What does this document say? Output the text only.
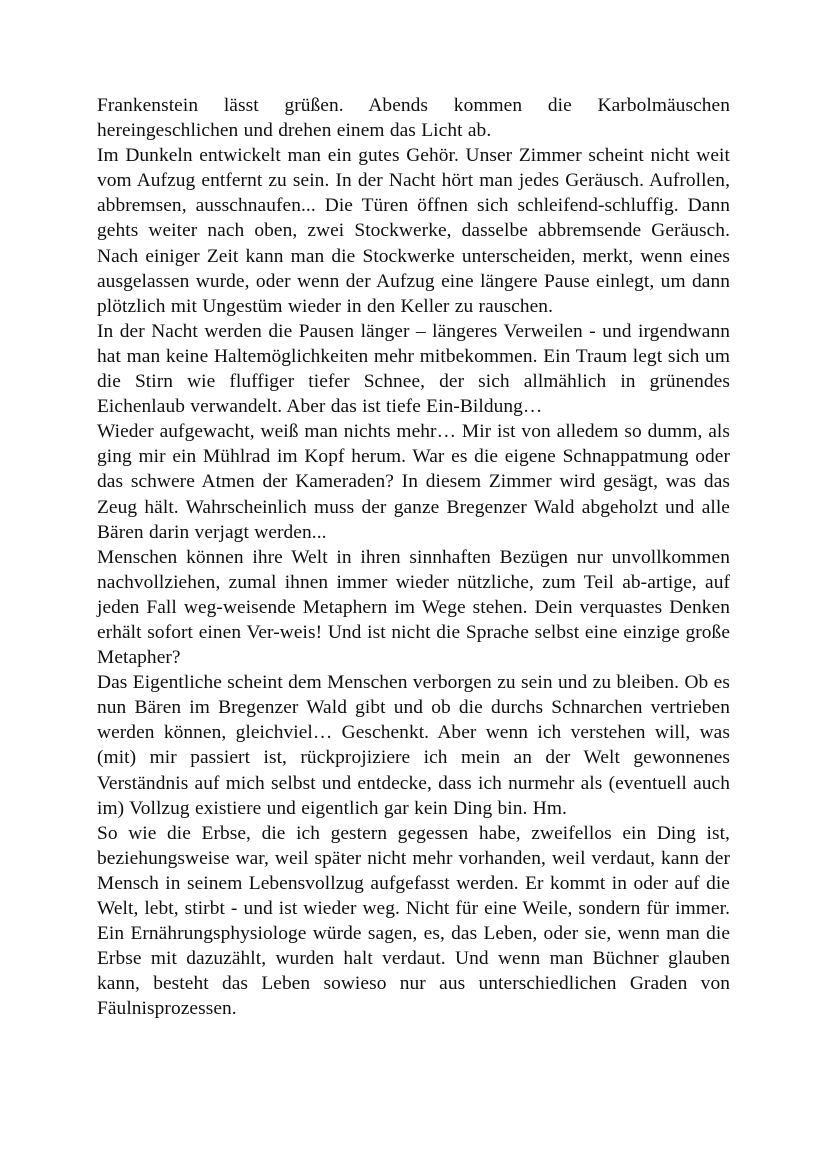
Frankenstein lässt grüßen. Abends kommen die Karbolmäuschen hereingeschlichen und drehen einem das Licht ab.

Im Dunkeln entwickelt man ein gutes Gehör. Unser Zimmer scheint nicht weit vom Aufzug entfernt zu sein. In der Nacht hört man jedes Geräusch. Aufrollen, abbremsen, ausschnaufen... Die Türen öffnen sich schleifend-schluffig. Dann gehts weiter nach oben, zwei Stockwerke, dasselbe abbremsende Geräusch. Nach einiger Zeit kann man die Stockwerke unterscheiden, merkt, wenn eines ausgelassen wurde, oder wenn der Aufzug eine längere Pause einlegt, um dann plötzlich mit Ungestüm wieder in den Keller zu rauschen.

In der Nacht werden die Pausen länger – längeres Verweilen - und irgendwann hat man keine Haltemöglichkeiten mehr mitbekommen. Ein Traum legt sich um die Stirn wie fluffiger tiefer Schnee, der sich allmählich in grünendes Eichenlaub verwandelt. Aber das ist tiefe Ein-Bildung…

Wieder aufgewacht, weiß man nichts mehr… Mir ist von alledem so dumm, als ging mir ein Mühlrad im Kopf herum. War es die eigene Schnappatmung oder das schwere Atmen der Kameraden? In diesem Zimmer wird gesägt, was das Zeug hält. Wahrscheinlich muss der ganze Bregenzer Wald abgeholzt und alle Bären darin verjagt werden...

Menschen können ihre Welt in ihren sinnhaften Bezügen nur unvollkommen nachvollziehen, zumal ihnen immer wieder nützliche, zum Teil ab-artige, auf jeden Fall weg-weisende Metaphern im Wege stehen. Dein verquastes Denken erhält sofort einen Ver-weis! Und ist nicht die Sprache selbst eine einzige große Metapher?

Das Eigentliche scheint dem Menschen verborgen zu sein und zu bleiben. Ob es nun Bären im Bregenzer Wald gibt und ob die durchs Schnarchen vertrieben werden können, gleichviel… Geschenkt. Aber wenn ich verstehen will, was (mit) mir passiert ist, rückprojiziere ich mein an der Welt gewonnenes Verständnis auf mich selbst und entdecke, dass ich nurmehr als (eventuell auch im) Vollzug existiere und eigentlich gar kein Ding bin. Hm.

So wie die Erbse, die ich gestern gegessen habe, zweifellos ein Ding ist, beziehungsweise war, weil später nicht mehr vorhanden, weil verdaut, kann der Mensch in seinem Lebensvollzug aufgefasst werden. Er kommt in oder auf die Welt, lebt, stirbt - und ist wieder weg. Nicht für eine Weile, sondern für immer. Ein Ernährungsphysiologe würde sagen, es, das Leben, oder sie, wenn man die Erbse mit dazuzählt, wurden halt verdaut. Und wenn man Büchner glauben kann, besteht das Leben sowieso nur aus unterschiedlichen Graden von Fäulnisprozessen.
